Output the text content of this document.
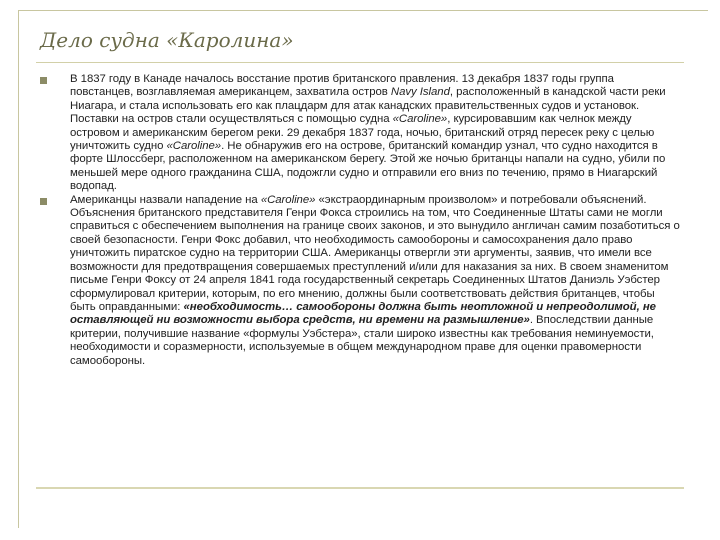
Дело судна «Каролина»
В 1837 году в Канаде началось восстание против британского правления. 13 декабря 1837 годы группа повстанцев, возглавляемая американцем, захватила остров Navy Island, расположенный в канадской части реки Ниагара, и стала использовать его как плацдарм для атак канадских правительственных судов и установок. Поставки на остров стали осуществляться с помощью судна «Caroline», курсировавшим как челнок между островом и американским берегом реки. 29 декабря 1837 года, ночью, британский отряд пересек реку с целью уничтожить судно «Caroline». Не обнаружив его на острове, британский командир узнал, что судно находится в форте Шлоссберг, расположенном на американском берегу. Этой же ночью британцы напали на судно, убили по меньшей мере одного гражданина США, подожгли судно и отправили его вниз по течению, прямо в Ниагарский водопад.
Американцы назвали нападение на «Caroline» «экстраординарным произволом» и потребовали объяснений. Объяснения британского представителя Генри Фокса строились на том, что Соединенные Штаты сами не могли справиться с обеспечением выполнения на границе своих законов, и это вынудило англичан самим позаботиться о своей безопасности. Генри Фокс добавил, что необходимость самообороны и самосохранения дало право уничтожить пиратское судно на территории США. Американцы отвергли эти аргументы, заявив, что имели все возможности для предотвращения совершаемых преступлений и/или для наказания за них. В своем знаменитом письме Генри Фоксу от 24 апреля 1841 года государственный секретарь Соединенных Штатов Даниэль Уэбстер сформулировал критерии, которым, по его мнению, должны были соответствовать действия британцев, чтобы быть оправданными: «необходимость… самообороны должна быть неотложной и непреодолимой, не оставляющей ни возможности выбора средств, ни времени на размышление». Впоследствии данные критерии, получившие название «формулы Уэбстера», стали широко известны как требования неминуемости, необходимости и соразмерности, используемые в общем международном праве для оценки правомерности самообороны.
